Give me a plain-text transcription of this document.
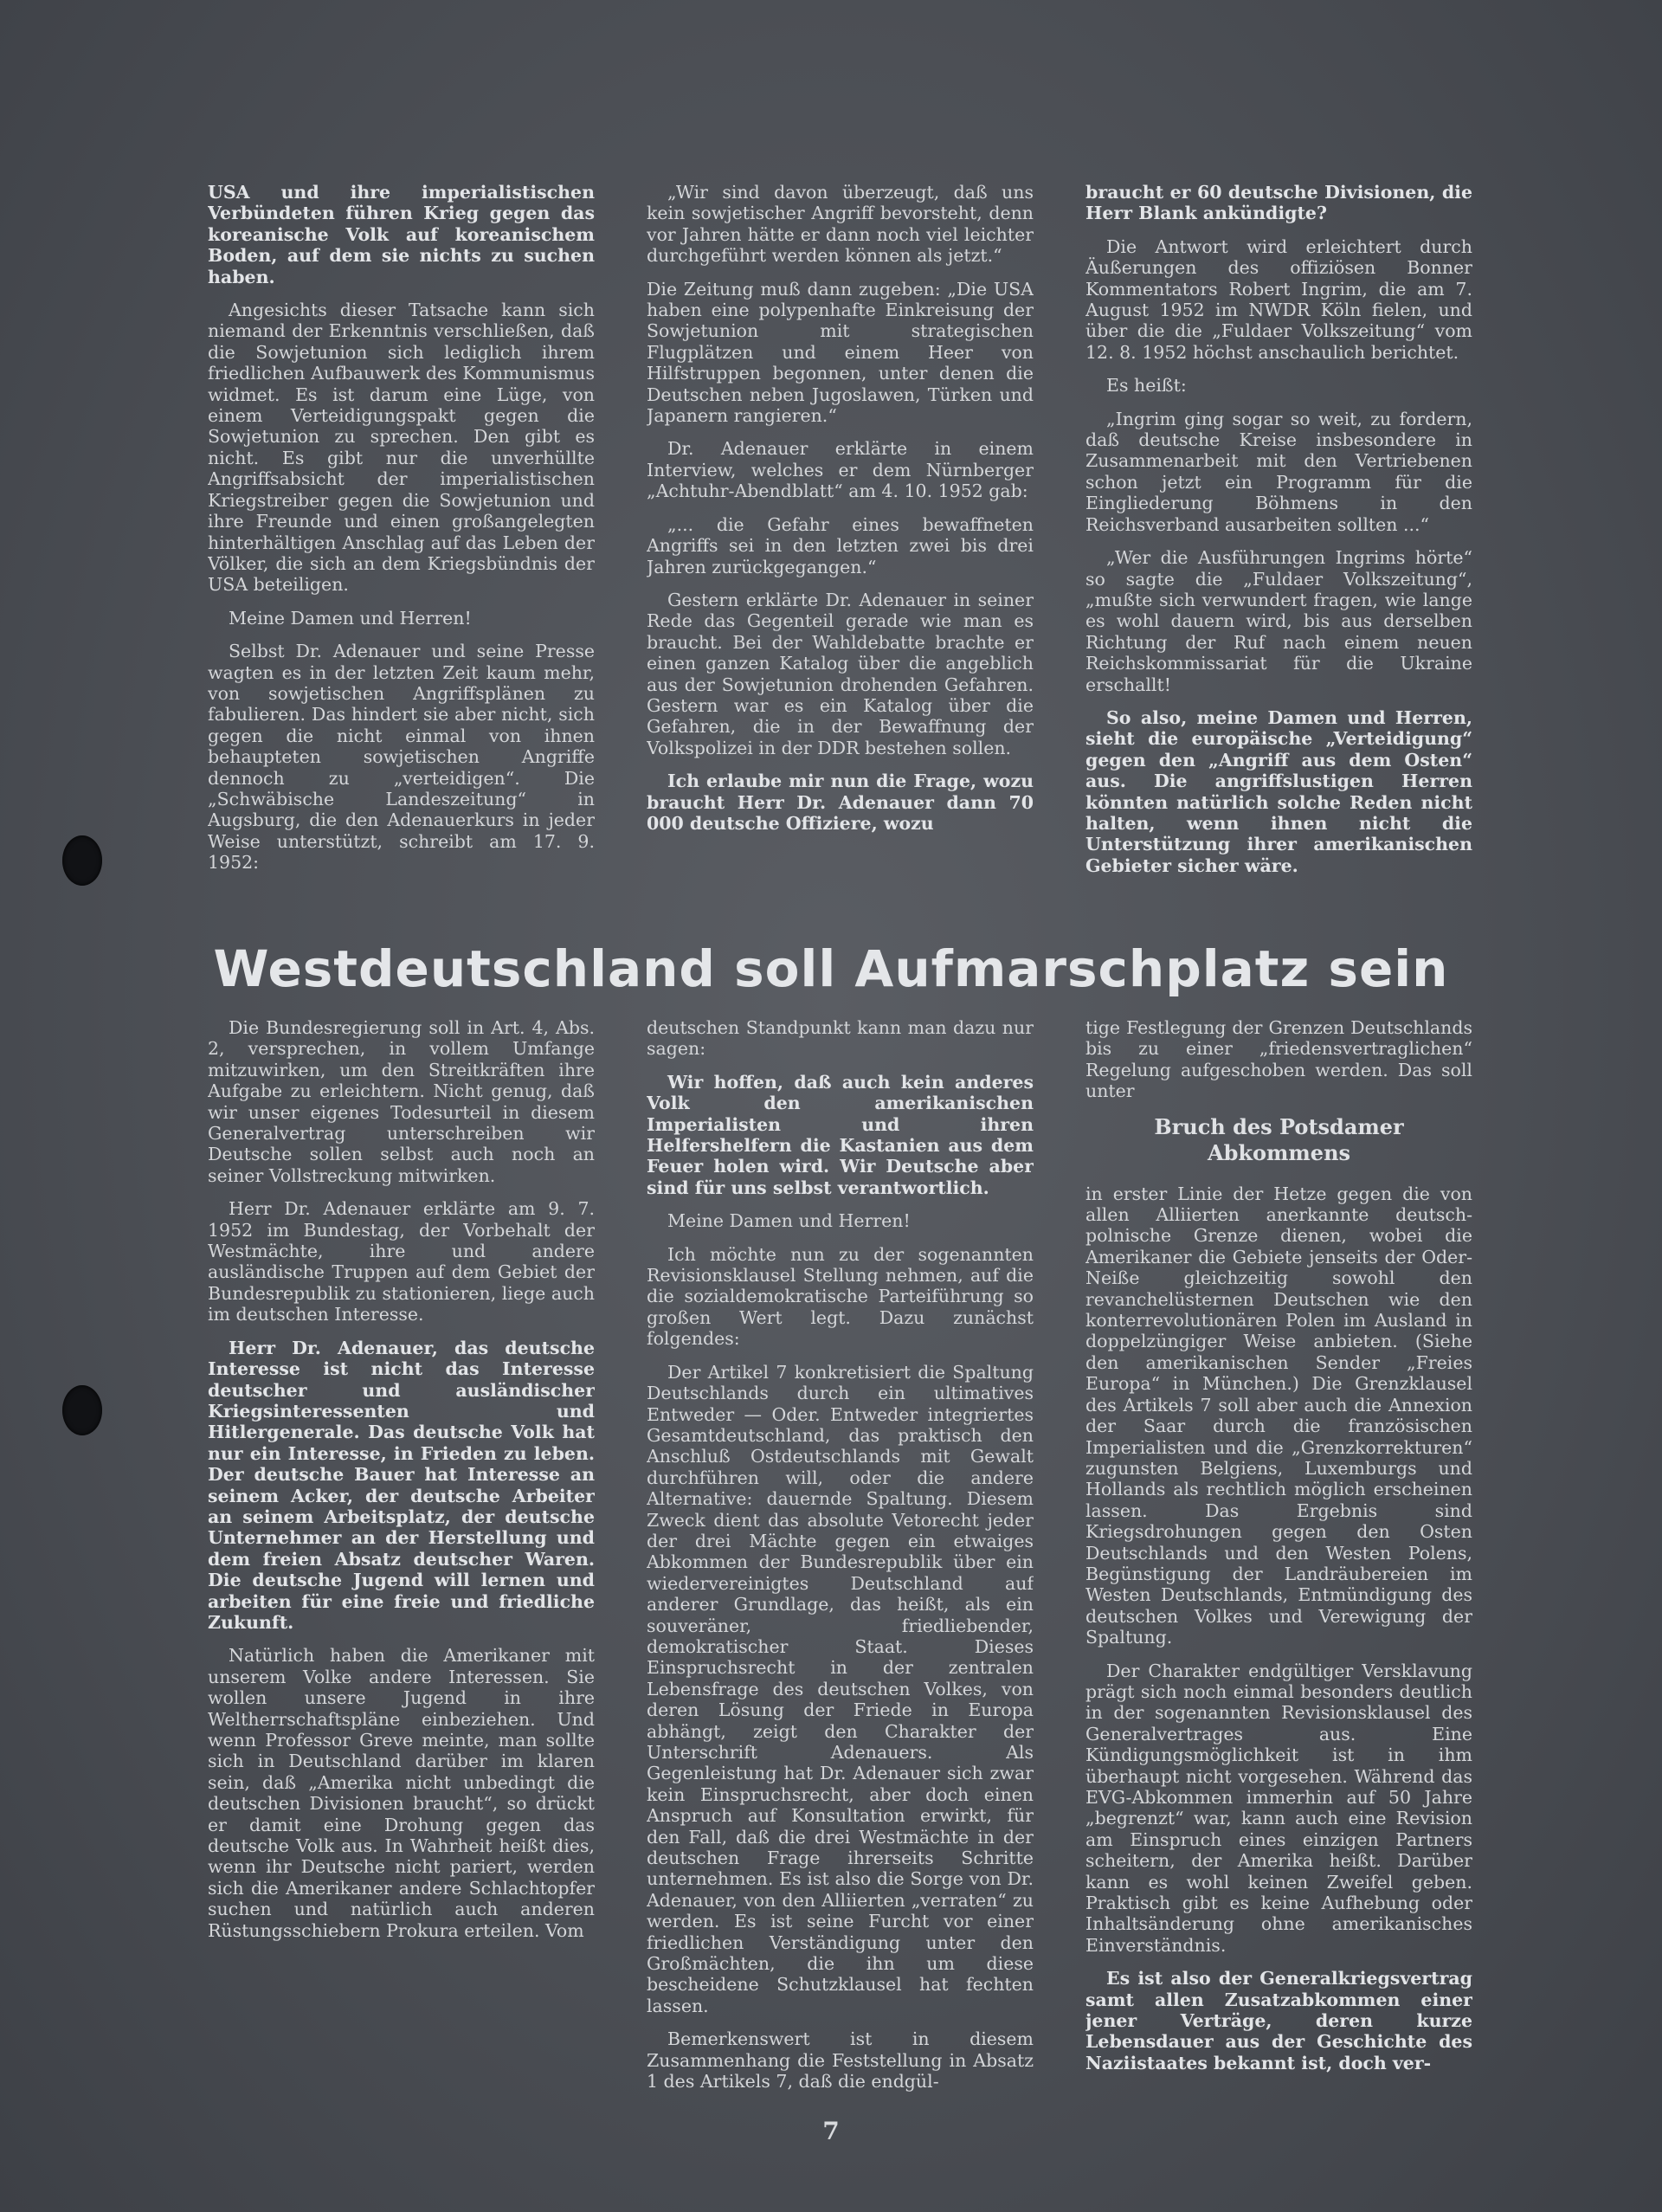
USA und ihre imperialistischen Verbündeten führen Krieg gegen das koreanische Volk auf koreanischem Boden, auf dem sie nichts zu suchen haben.

Angesichts dieser Tatsache kann sich niemand der Erkenntnis verschließen, daß die Sowjetunion sich lediglich ihrem friedlichen Aufbauwerk des Kommunismus widmet. Es ist darum eine Lüge, von einem Verteidigungspakt gegen die Sowjetunion zu sprechen. Den gibt es nicht. Es gibt nur die unverhüllte Angriffsabsicht der imperialistischen Kriegstreiber gegen die Sowjetunion und ihre Freunde und einen großangelegten hinterhältigen Anschlag auf das Leben der Völker, die sich an dem Kriegsbündnis der USA beteiligen.

Meine Damen und Herren!

Selbst Dr. Adenauer und seine Presse wagten es in der letzten Zeit kaum mehr, von sowjetischen Angriffsplänen zu fabulieren. Das hindert sie aber nicht, sich gegen die nicht einmal von ihnen behaupteten sowjetischen Angriffe dennoch zu „verteidigen“. Die „Schwäbische Landeszeitung“ in Augsburg, die den Adenauerkurs in jeder Weise unterstützt, schreibt am 17. 9. 1952:

„Wir sind davon überzeugt, daß uns kein sowjetischer Angriff bevorsteht, denn vor Jahren hätte er dann noch viel leichter durchgeführt werden können als jetzt.“

Die Zeitung muß dann zugeben: „Die USA haben eine polypenhafte Einkreisung der Sowjetunion mit strategischen Flugplätzen und einem Heer von Hilfstruppen begonnen, unter denen die Deutschen neben Jugoslawen, Türken und Japanern rangieren.“

Dr. Adenauer erklärte in einem Interview, welches er dem Nürnberger „Achtuhr-Abendblatt“ am 4. 10. 1952 gab:

„... die Gefahr eines bewaffneten Angriffs sei in den letzten zwei bis drei Jahren zurückgegangen.“

Gestern erklärte Dr. Adenauer in seiner Rede das Gegenteil gerade wie man es braucht. Bei der Wahldebatte brachte er einen ganzen Katalog über die angeblich aus der Sowjetunion drohenden Gefahren. Gestern war es ein Katalog über die Gefahren, die in der Bewaffnung der Volkspolizei in der DDR bestehen sollen.

Ich erlaube mir nun die Frage, wozu braucht Herr Dr. Adenauer dann 70 000 deutsche Offiziere, wozu

braucht er 60 deutsche Divisionen, die Herr Blank ankündigte?

Die Antwort wird erleichtert durch Äußerungen des offiziösen Bonner Kommentators Robert Ingrim, die am 7. August 1952 im NWDR Köln fielen, und über die die „Fuldaer Volkszeitung“ vom 12. 8. 1952 höchst anschaulich berichtet.

Es heißt:

„Ingrim ging sogar so weit, zu fordern, daß deutsche Kreise insbesondere in Zusammenarbeit mit den Vertriebenen schon jetzt ein Programm für die Eingliederung Böhmens in den Reichsverband ausarbeiten sollten ...“

„Wer die Ausführungen Ingrims hörte“ so sagte die „Fuldaer Volkszeitung“, „mußte sich verwundert fragen, wie lange es wohl dauern wird, bis aus derselben Richtung der Ruf nach einem neuen Reichskommissariat für die Ukraine erschallt!

So also, meine Damen und Herren, sieht die europäische „Verteidigung“ gegen den „Angriff aus dem Osten“ aus. Die angriffslustigen Herren könnten natürlich solche Reden nicht halten, wenn ihnen nicht die Unterstützung ihrer amerikanischen Gebieter sicher wäre.

Westdeutschland soll Aufmarschplatz sein

Die Bundesregierung soll in Art. 4, Abs. 2, versprechen, in vollem Umfange mitzuwirken, um den Streitkräften ihre Aufgabe zu erleichtern. Nicht genug, daß wir unser eigenes Todesurteil in diesem Generalvertrag unterschreiben wir Deutsche sollen selbst auch noch an seiner Vollstreckung mitwirken.

Herr Dr. Adenauer erklärte am 9. 7. 1952 im Bundestag, der Vorbehalt der Westmächte, ihre und andere ausländische Truppen auf dem Gebiet der Bundesrepublik zu stationieren, liege auch im deutschen Interesse.

Herr Dr. Adenauer, das deutsche Interesse ist nicht das Interesse deutscher und ausländischer Kriegsinteressenten und Hitlergenerale. Das deutsche Volk hat nur ein Interesse, in Frieden zu leben. Der deutsche Bauer hat Interesse an seinem Acker, der deutsche Arbeiter an seinem Arbeitsplatz, der deutsche Unternehmer an der Herstellung und dem freien Absatz deutscher Waren. Die deutsche Jugend will lernen und arbeiten für eine freie und friedliche Zukunft.

Natürlich haben die Amerikaner mit unserem Volke andere Interessen. Sie wollen unsere Jugend in ihre Weltherrschaftspläne einbeziehen. Und wenn Professor Greve meinte, man sollte sich in Deutschland darüber im klaren sein, daß „Amerika nicht unbedingt die deutschen Divisionen braucht“, so drückt er damit eine Drohung gegen das deutsche Volk aus. In Wahrheit heißt dies, wenn ihr Deutsche nicht pariert, werden sich die Amerikaner andere Schlachtopfer suchen und natürlich auch anderen Rüstungsschiebern Prokura erteilen. Vom

deutschen Standpunkt kann man dazu nur sagen:

Wir hoffen, daß auch kein anderes Volk den amerikanischen Imperialisten und ihren Helfershelfern die Kastanien aus dem Feuer holen wird. Wir Deutsche aber sind für uns selbst verantwortlich.

Meine Damen und Herren!

Ich möchte nun zu der sogenannten Revisionsklausel Stellung nehmen, auf die die sozialdemokratische Parteiführung so großen Wert legt. Dazu zunächst folgendes:

Der Artikel 7 konkretisiert die Spaltung Deutschlands durch ein ultimatives Entweder — Oder. Entweder integriertes Gesamtdeutschland, das praktisch den Anschluß Ostdeutschlands mit Gewalt durchführen will, oder die andere Alternative: dauernde Spaltung. Diesem Zweck dient das absolute Vetorecht jeder der drei Mächte gegen ein etwaiges Abkommen der Bundesrepublik über ein wiedervereinigtes Deutschland auf anderer Grundlage, das heißt, als ein souveräner, friedliebender, demokratischer Staat. Dieses Einspruchsrecht in der zentralen Lebensfrage des deutschen Volkes, von deren Lösung der Friede in Europa abhängt, zeigt den Charakter der Unterschrift Adenauers. Als Gegenleistung hat Dr. Adenauer sich zwar kein Einspruchsrecht, aber doch einen Anspruch auf Konsultation erwirkt, für den Fall, daß die drei Westmächte in der deutschen Frage ihrerseits Schritte unternehmen. Es ist also die Sorge von Dr. Adenauer, von den Alliierten „verraten“ zu werden. Es ist seine Furcht vor einer friedlichen Verständigung unter den Großmächten, die ihn um diese bescheidene Schutzklausel hat fechten lassen.

Bemerkenswert ist in diesem Zusammenhang die Feststellung in Absatz 1 des Artikels 7, daß die endgül-

tige Festlegung der Grenzen Deutschlands bis zu einer „friedensvertraglichen“ Regelung aufgeschoben werden. Das soll unter

Bruch des Potsdamer Abkommens

in erster Linie der Hetze gegen die von allen Alliierten anerkannte deutsch-polnische Grenze dienen, wobei die Amerikaner die Gebiete jenseits der Oder-Neiße gleichzeitig sowohl den revanchelüsternen Deutschen wie den konterrevolutionären Polen im Ausland in doppelzüngiger Weise anbieten. (Siehe den amerikanischen Sender „Freies Europa“ in München.) Die Grenzklausel des Artikels 7 soll aber auch die Annexion der Saar durch die französischen Imperialisten und die „Grenzkorrekturen“ zugunsten Belgiens, Luxemburgs und Hollands als rechtlich möglich erscheinen lassen. Das Ergebnis sind Kriegsdrohungen gegen den Osten Deutschlands und den Westen Polens, Begünstigung der Landräubereien im Westen Deutschlands, Entmündigung des deutschen Volkes und Verewigung der Spaltung.

Der Charakter endgültiger Versklavung prägt sich noch einmal besonders deutlich in der sogenannten Revisionsklausel des Generalvertrages aus. Eine Kündigungsmöglichkeit ist in ihm überhaupt nicht vorgesehen. Während das EVG-Abkommen immerhin auf 50 Jahre „begrenzt“ war, kann auch eine Revision am Einspruch eines einzigen Partners scheitern, der Amerika heißt. Darüber kann es wohl keinen Zweifel geben. Praktisch gibt es keine Aufhebung oder Inhaltsänderung ohne amerikanisches Einverständnis.

Es ist also der Generalkriegsvertrag samt allen Zusatzabkommen einer jener Verträge, deren kurze Lebensdauer aus der Geschichte des Naziistaates bekannt ist, doch ver-

7
